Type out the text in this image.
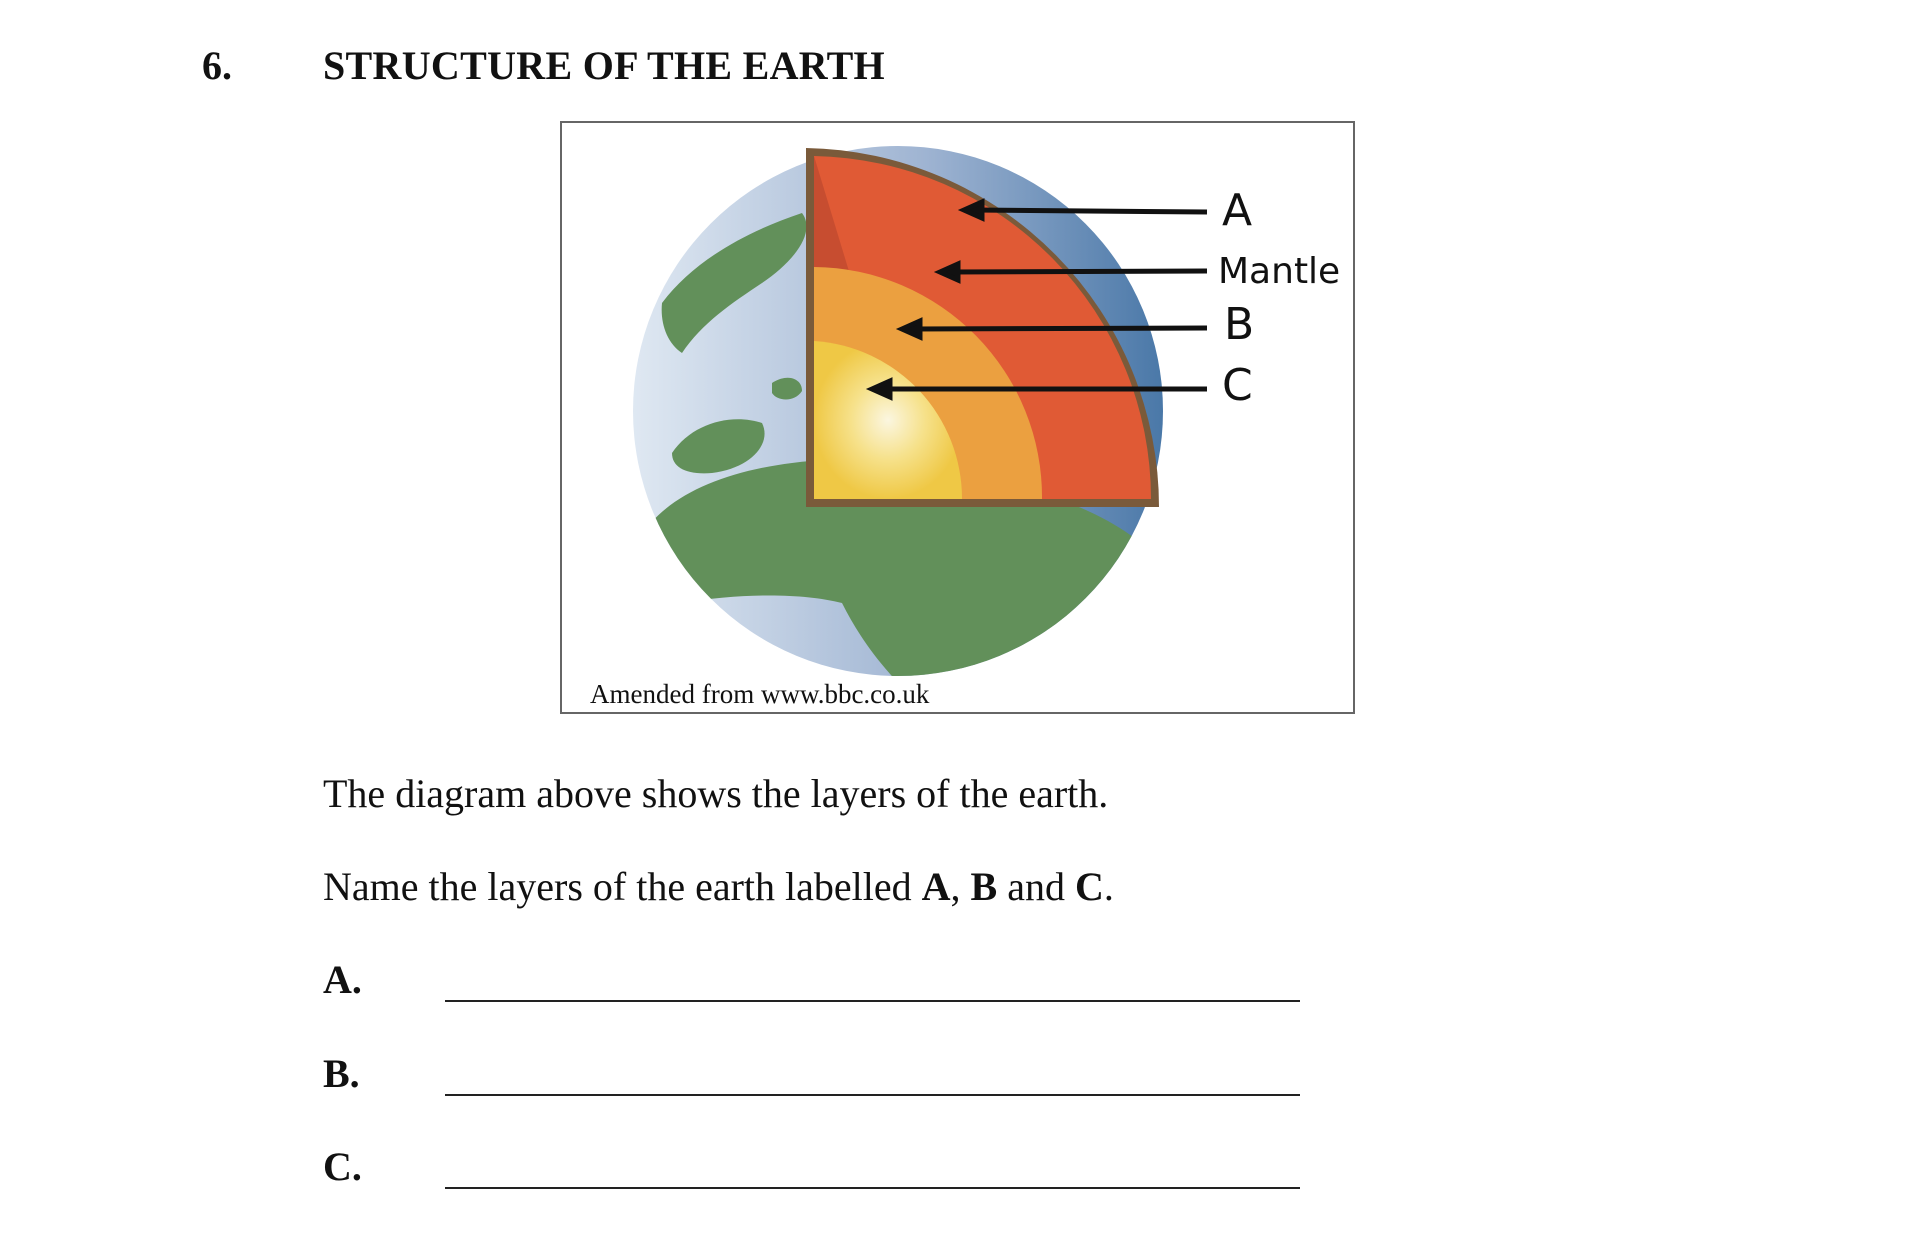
6. STRUCTURE OF THE EARTH
A
Mantle
B
C
Amended from www.bbc.co.uk
The diagram above shows the layers of the earth.
Name the layers of the earth labelled A, B and C.
A.
B.
C.
